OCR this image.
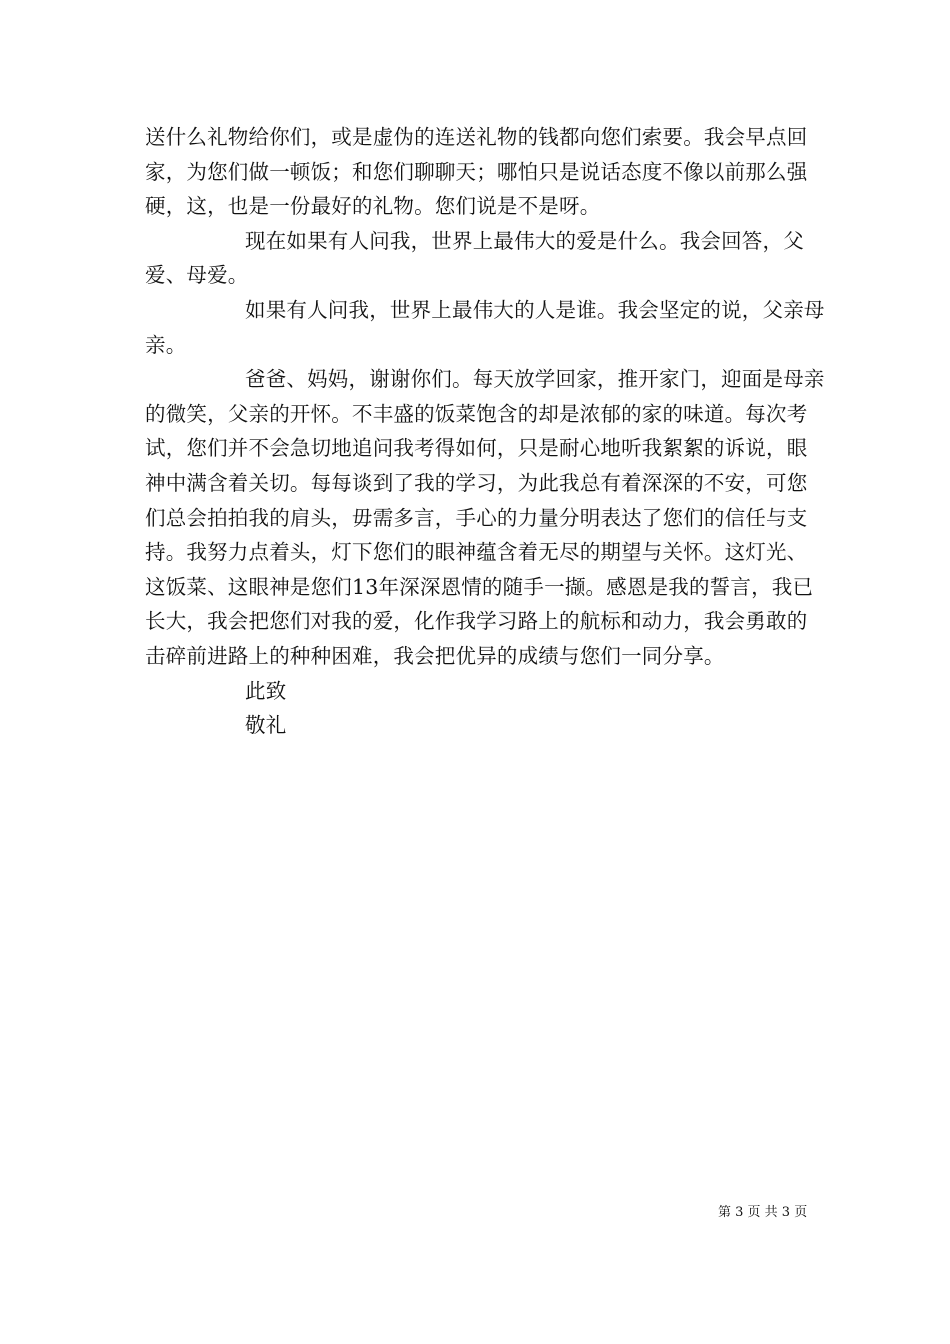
送什么礼物给你们，或是虚伪的连送礼物的钱都向您们索要。我会早点回家，为您们做一顿饭；和您们聊聊天；哪怕只是说话态度不像以前那么强硬，这，也是一份最好的礼物。您们说是不是呀。

现在如果有人问我，世界上最伟大的爱是什么。我会回答，父爱、母爱。

如果有人问我，世界上最伟大的人是谁。我会坚定的说，父亲母亲。

爸爸、妈妈，谢谢你们。每天放学回家，推开家门，迎面是母亲的微笑，父亲的开怀。不丰盛的饭菜饱含的却是浓郁的家的味道。每次考试，您们并不会急切地追问我考得如何，只是耐心地听我絮絮的诉说，眼神中满含着关切。每每谈到了我的学习，为此我总有着深深的不安，可您们总会拍拍我的肩头，毋需多言，手心的力量分明表达了您们的信任与支持。我努力点着头，灯下您们的眼神蕴含着无尽的期望与关怀。这灯光、这饭菜、这眼神是您们13年深深恩情的随手一撷。感恩是我的誓言，我已长大，我会把您们对我的爱，化作我学习路上的航标和动力，我会勇敢的击碎前进路上的种种困难，我会把优异的成绩与您们一同分享。

此致

敬礼

第 3 页 共 3 页
